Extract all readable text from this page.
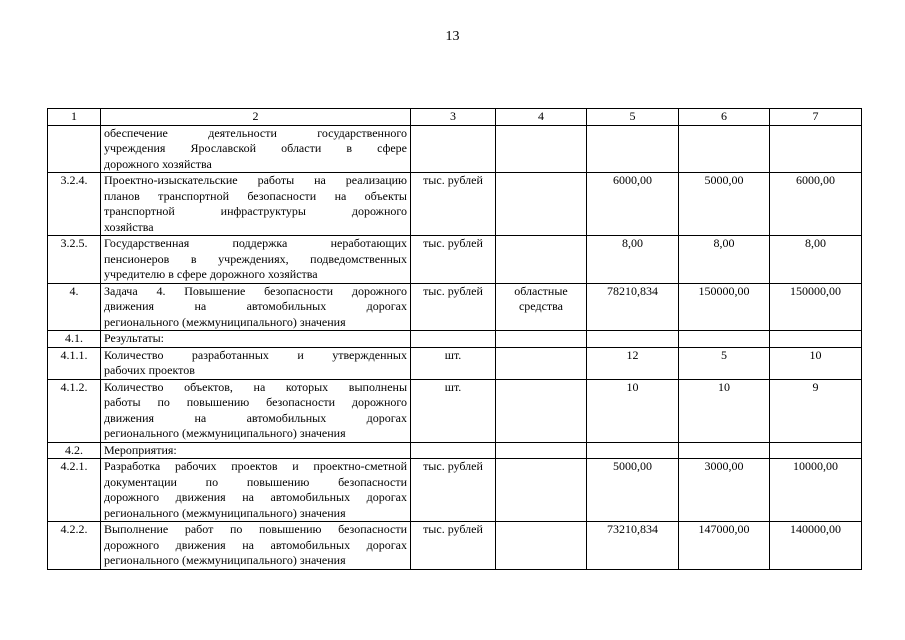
13
1	2	3	4	5	6	7

	обеспечение деятельности государственного
учреждения Ярославской области в сфере
дорожного хозяйства					

3.2.4.	Проектно-изыскательские работы на реализацию
планов транспортной безопасности на объекты
транспортной инфраструктуры дорожного
хозяйства	тыс. рублей		6000,00	5000,00	6000,00
3.2.5.	Государственная поддержка неработающих
пенсионеров в учреждениях, подведомственных
учредителю в сфере дорожного хозяйства	тыс. рублей		8,00	8,00	8,00
4.	Задача 4. Повышение безопасности дорожного
движения на автомобильных дорогах
регионального (межмуниципального) значения	тыс. рублей	областные средства	78210,834	150000,00	150000,00
4.1.	Результаты:					

4.1.1.	Количество разработанных и утвержденных
рабочих проектов	шт.		12	5	10
4.1.2.	Количество объектов, на которых выполнены
работы по повышению безопасности дорожного
движения на автомобильных дорогах
регионального (межмуниципального) значения	шт.		10	10	9
4.2.	Мероприятия:					

4.2.1.	Разработка рабочих проектов и проектно-сметной
документации по повышению безопасности
дорожного движения на автомобильных дорогах
регионального (межмуниципального) значения	тыс. рублей		5000,00	3000,00	10000,00
4.2.2.	Выполнение работ по повышению безопасности
дорожного движения на автомобильных дорогах
регионального (межмуниципального) значения	тыс. рублей		73210,834	147000,00	140000,00
